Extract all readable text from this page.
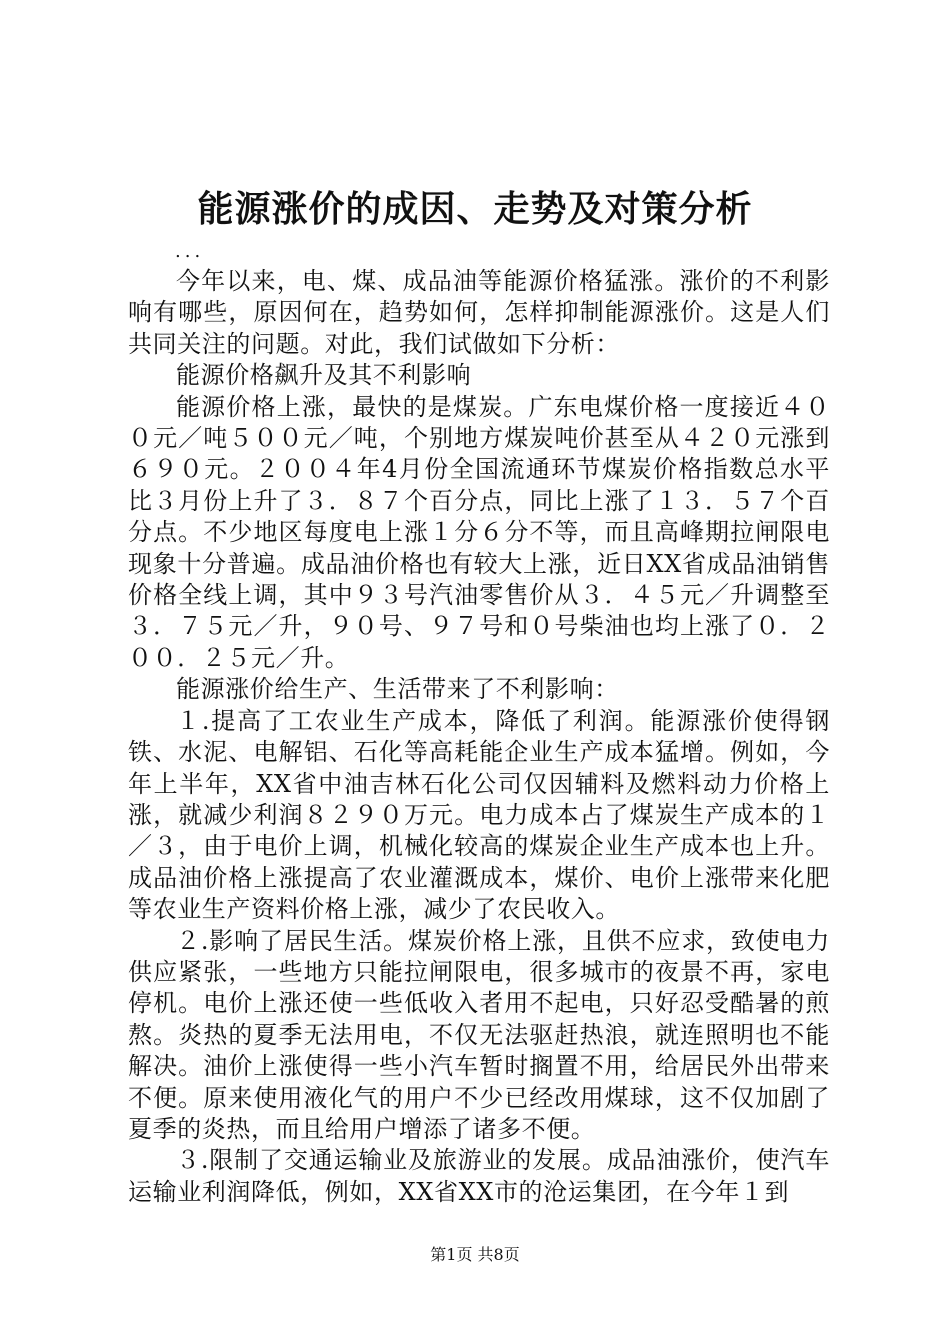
能源涨价的成因、走势及对策分析
...

今年以来，电、煤、成品油等能源价格猛涨。涨价的不利影响有哪些，原因何在，趋势如何，怎样抑制能源涨价。这是人们共同关注的问题。对此，我们试做如下分析：

能源价格飙升及其不利影响

能源价格上涨，最快的是煤炭。广东电煤价格一度接近４００元／吨５００元／吨，个别地方煤炭吨价甚至从４２０元涨到６９０元。２００４年4月份全国流通环节煤炭价格指数总水平比３月份上升了３．８７个百分点，同比上涨了１３．５７个百分点。不少地区每度电上涨１分６分不等，而且高峰期拉闸限电现象十分普遍。成品油价格也有较大上涨，近日XX省成品油销售价格全线上调，其中９３号汽油零售价从３．４５元／升调整至３．７５元／升，９０号、９７号和０号柴油也均上涨了０．２００．２５元／升。

能源涨价给生产、生活带来了不利影响：

１.提高了工农业生产成本，降低了利润。能源涨价使得钢铁、水泥、电解铝、石化等高耗能企业生产成本猛增。例如，今年上半年，XX省中油吉林石化公司仅因辅料及燃料动力价格上涨，就减少利润８２９０万元。电力成本占了煤炭生产成本的１／３，由于电价上调，机械化较高的煤炭企业生产成本也上升。成品油价格上涨提高了农业灌溉成本，煤价、电价上涨带来化肥等农业生产资料价格上涨，减少了农民收入。

２.影响了居民生活。煤炭价格上涨，且供不应求，致使电力供应紧张，一些地方只能拉闸限电，很多城市的夜景不再，家电停机。电价上涨还使一些低收入者用不起电，只好忍受酷暑的煎熬。炎热的夏季无法用电，不仅无法驱赶热浪，就连照明也不能解决。油价上涨使得一些小汽车暂时搁置不用，给居民外出带来不便。原来使用液化气的用户不少已经改用煤球，这不仅加剧了夏季的炎热，而且给用户增添了诸多不便。

３.限制了交通运输业及旅游业的发展。成品油涨价，使汽车运输业利润降低，例如，XX省XX市的沧运集团，在今年１到

第1页 共8页
